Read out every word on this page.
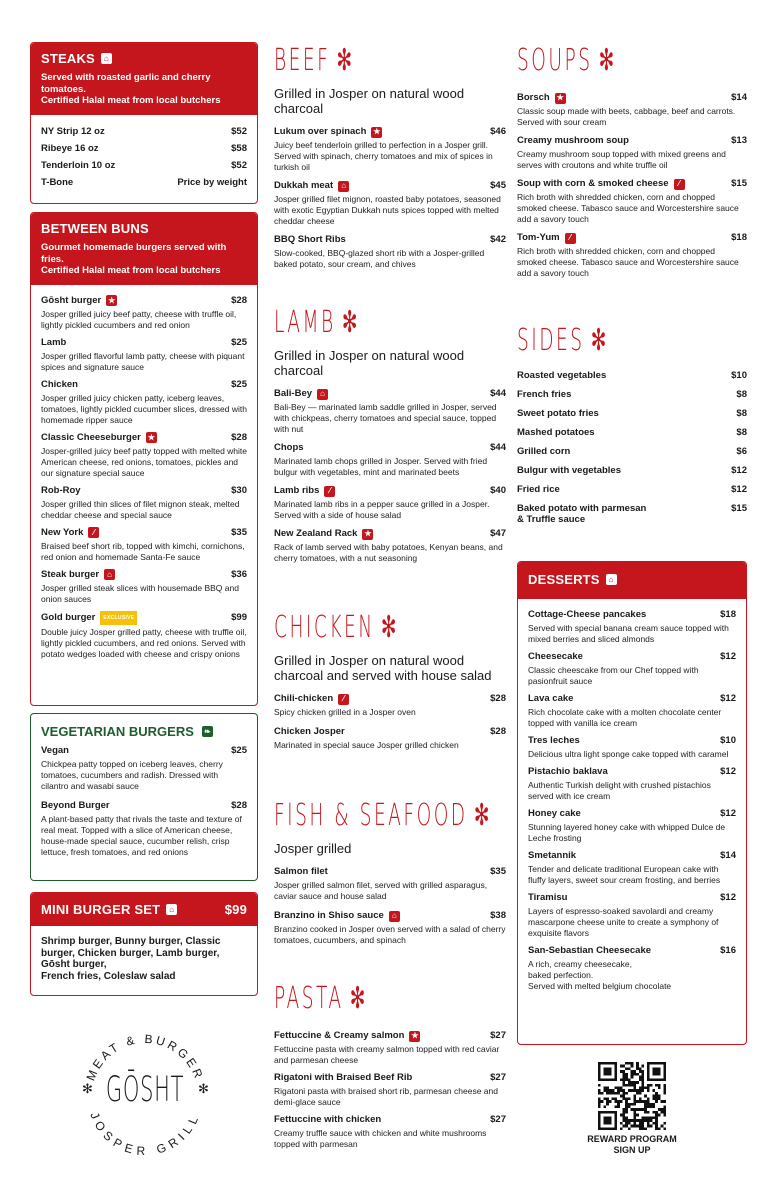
STEAKS	⌂
Served with roasted garlic and cherry tomatoes.
Certified Halal meat from local butchers
NY Strip 12 oz	$52
Ribeye 16 oz	$58
Tenderloin 10 oz	$52
T-Bone	Price by weight
BETWEEN BUNS
Gourmet homemade burgers served with fries.
Certified Halal meat from local butchers
Gōsht burger ★	$28
Josper grilled juicy beef patty, cheese with truffle oil, lightly pickled cucumbers and red onion
Lamb	$25
Josper grilled flavorful lamb patty, cheese with piquant spices and signature sauce
Chicken	$25
Josper grilled juicy chicken patty, iceberg leaves, tomatoes, lightly pickled cucumber slices, dressed with homemade ripper sauce
Classic Cheeseburger ★	$28
Josper-grilled juicy beef patty topped with melted white American cheese, red onions, tomatoes, pickles and our signature special sauce
Rob-Roy	$30
Josper grilled thin slices of filet mignon steak, melted cheddar cheese and special sauce
New York	⁄	$35
Braised beef short rib, topped with kimchi, cornichons, red onion and homemade Santa-Fe sauce
Steak burger	⌂	$36
Josper grilled steak slices with housemade BBQ and onion sauces
Gold burger	EXCLUSIVE	$99
Double juicy Josper grilled patty, cheese with truffle oil, lightly pickled cucumbers, and red onions. Served with potato wedges loaded with cheese and crispy onions
VEGETARIAN BURGERS ❧
Vegan	$25
Chickpea patty topped on iceberg leaves, cherry tomatoes, cucumbers and radish. Dressed with cilantro and wasabi sauce
Beyond Burger	$28
A plant-based patty that rivals the taste and texture of real meat. Topped with a slice of American cheese, house-made special sauce, cucumber relish, crisp lettuce, fresh tomatoes, and red onions
MINI BURGER SET	⌂	$99
Shrimp burger, Bunny burger, Classic burger, Chicken burger, Lamb burger, Gōsht burger,
French fries, Coleslaw salad
MEAT & BURGER
JOSPER GRILL
✻	✻
GŌSHT
BEEF ✻
Grilled in Josper on natural wood charcoal
Lukum over spinach ★	$46
Juicy beef tenderloin grilled to perfection in a Josper grill. Served with spinach, cherry tomatoes and mix of spices in turkish oil
Dukkah meat	⌂	$45
Josper grilled filet mignon, roasted baby potatoes, seasoned with exotic Egyptian Dukkah nuts spices topped with melted cheddar cheese
BBQ Short Ribs	$42
Slow-cooked, BBQ-glazed short rib with a Josper-grilled baked potato, sour cream, and chives
LAMB ✻
Grilled in Josper on natural wood charcoal
Bali-Bey	⌂	$44
Bali-Bey — marinated lamb saddle grilled in Josper, served with chickpeas, cherry tomatoes and special sauce, topped with nut
Chops	$44
Marinated lamb chops grilled in Josper. Served with fried bulgur with vegetables, mint and marinated beets
Lamb ribs	⁄	$40
Marinated lamb ribs in a pepper sauce grilled in a Josper. Served with a side of house salad
New Zealand Rack ★	$47
Rack of lamb served with baby potatoes, Kenyan beans, and cherry tomatoes, with a nut seasoning
CHICKEN ✻
Grilled in Josper on natural wood charcoal and served with house salad
Chili-chicken	⁄	$28
Spicy chicken grilled in a Josper oven
Chicken Josper	$28
Marinated in special sauce Josper grilled chicken
FISH & SEAFOOD ✻
Josper grilled
Salmon filet	$35
Josper grilled salmon filet, served with grilled asparagus, caviar sauce and house salad
Branzino in Shiso sauce	⌂	$38
Branzino cooked in Josper oven served with a salad of cherry tomatoes, cucumbers, and spinach
PASTA ✻
Fettuccine & Creamy salmon ★	$27
Fettuccine pasta with creamy salmon topped with red caviar and parmesan cheese
Rigatoni with Braised Beef Rib	$27
Rigatoni pasta with braised short rib, parmesan cheese and demi-glace sauce
Fettuccine with chicken	$27
Creamy truffle sauce with chicken and white mushrooms topped with parmesan
SOUPS ✻
Borsch ★	$14
Classic soup made with beets, cabbage, beef and carrots. Served with sour cream
Creamy mushroom soup	$13
Creamy mushroom soup topped with mixed greens and serves with croutons and white truffle oil
Soup with corn & smoked cheese	⁄	$15
Rich broth with shredded chicken, corn and chopped smoked cheese. Tabasco sauce and Worcestershire sauce add a savory touch
Tom-Yum	⁄	$18
Rich broth with shredded chicken, corn and chopped smoked cheese. Tabasco sauce and Worcestershire sauce add a savory touch
SIDES ✻
Roasted vegetables	$10
French fries	$8
Sweet potato fries	$8
Mashed potatoes	$8
Grilled corn	$6
Bulgur with vegetables	$12
Fried rice	$12
Baked potato with parmesan
& Truffle sauce
$15
DESSERTS	⌂
Cottage-Cheese pancakes	$18
Served with special banana cream sauce topped with mixed berries and sliced almonds
Cheesecake	$12
Classic cheescake from our Chef topped with pasionfruit sauce
Lava cake	$12
Rich chocolate cake with a molten chocolate center topped with vanilla ice cream
Tres leches	$10
Delicious ultra light sponge cake topped with caramel
Pistachio baklava	$12
Authentic Turkish delight with crushed pistachios served with ice cream
Honey cake	$12
Stunning layered honey cake with whipped Dulce de Leche frosting
Smetannik	$14
Tender and delicate traditional European cake with fluffy layers, sweet sour cream frosting, and berries
Tiramisu	$12
Layers of espresso-soaked savolardi and creamy mascarpone cheese unite to create a symphony of exquisite flavors
San-Sebastian Cheesecake	$16
A rich, creamy cheesecake,
baked perfection.
Served with melted belgium chocolate
REWARD PROGRAM
SIGN UP
